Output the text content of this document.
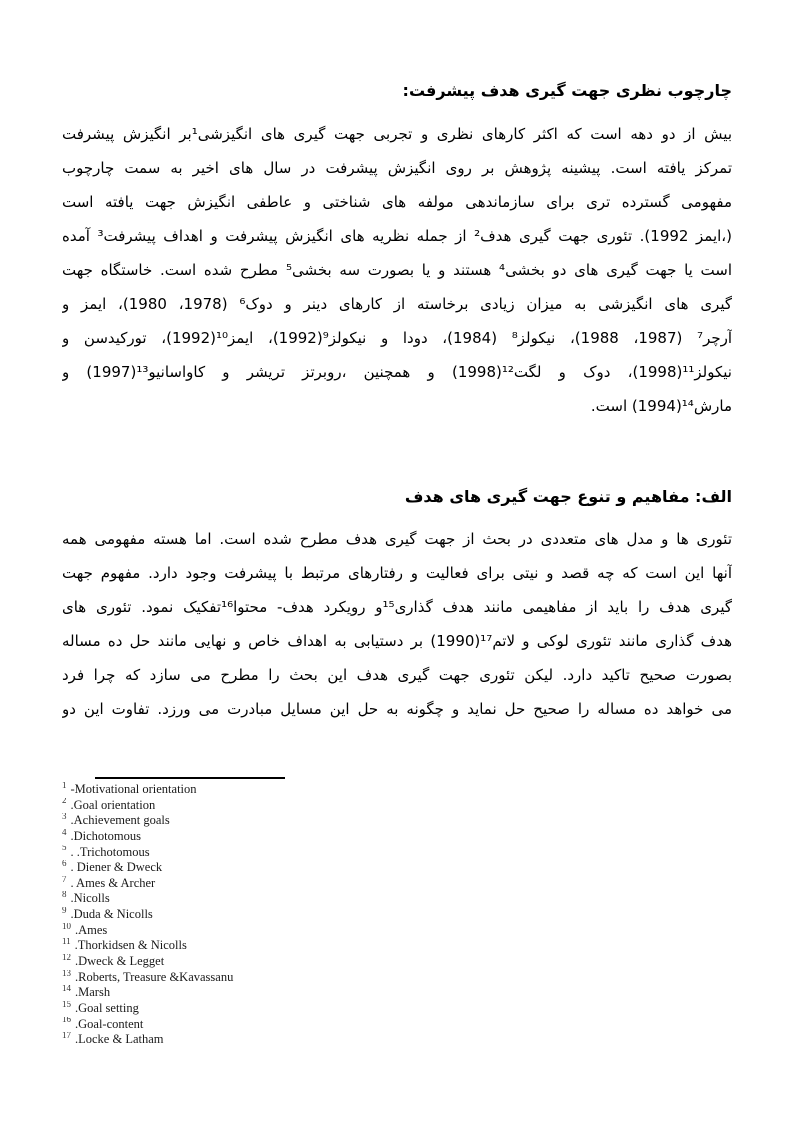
چارچوب نظری جهت گیری هدف پیشرفت:
بیش از دو دهه است که اکثر کارهای نظری و تجربی جهت گیری های انگیزشی¹بر انگیزش پیشرفت
تمرکز یافته است. پیشینه پژوهش بر روی انگیزش پیشرفت در سال های اخیر به سمت چارچوب
مفهومی گسترده تری برای سازماندهی مولفه های شناختی و عاطفی انگیزش جهت یافته است
(،ایمز 1992). تئوری جهت گیری هدف² از جمله نظریه های انگیزش پیشرفت و اهداف پیشرفت³ آمده
است یا جهت گیری های دو بخشی⁴ هستند و یا بصورت سه بخشی⁵ مطرح شده است. خاستگاه جهت
گیری های انگیزشی به میزان زیادی برخاسته از کارهای دینر و دوک⁶ (1978، 1980)، ایمز و
آرچر⁷ (1987، 1988)، نیکولز⁸ (1984)، دودا و نیکولز⁹(1992)، ایمز¹⁰(1992)، تورکیدسن و
نیکولز¹¹(1998)، دوک و لگت¹²(1998) و همچنین ،روبرتز تریشر و کاواسانیو¹³(1997) و
مارش¹⁴(1994) است.
الف: مفاهیم و تنوع جهت گیری های هدف
تئوری ها و مدل های متعددی در بحث از جهت گیری هدف مطرح شده است. اما هسته مفهومی همه
آنها این است که چه قصد و نیتی برای فعالیت و رفتارهای مرتبط با پیشرفت وجود دارد. مفهوم جهت
گیری هدف را باید از مفاهیمی مانند هدف گذاری¹⁵و رویکرد هدف- محتوا¹⁶تفکیک نمود. تئوری های
هدف گذاری مانند تئوری لوکی و لاتم¹⁷(1990) بر دستیابی به اهداف خاص و نهایی مانند حل ده مساله
بصورت صحیح تاکید دارد. لیکن تئوری جهت گیری هدف این بحث را مطرح می سازد که چرا فرد
می خواهد ده مساله را صحیح حل نماید و چگونه به حل این مسایل مبادرت می ورزد. تفاوت این دو
$^1$ -Motivational orientation
$^2$ .Goal orientation
$^3$ .Achievement goals
$^4$ .Dichotomous
$^5$ . .Trichotomous
$^6$ . Diener & Dweck
$^7$ . Ames & Archer
$^8$ .Nicolls
$^9$ .Duda & Nicolls
$^{10}$ .Ames
$^{11}$ .Thorkidsen & Nicolls
$^{12}$ .Dweck & Legget
$^{13}$ .Roberts, Treasure &Kavassanu
$^{14}$ .Marsh
$^{15}$ .Goal setting
$^{16}$ .Goal-content
$^{17}$ .Locke & Latham
